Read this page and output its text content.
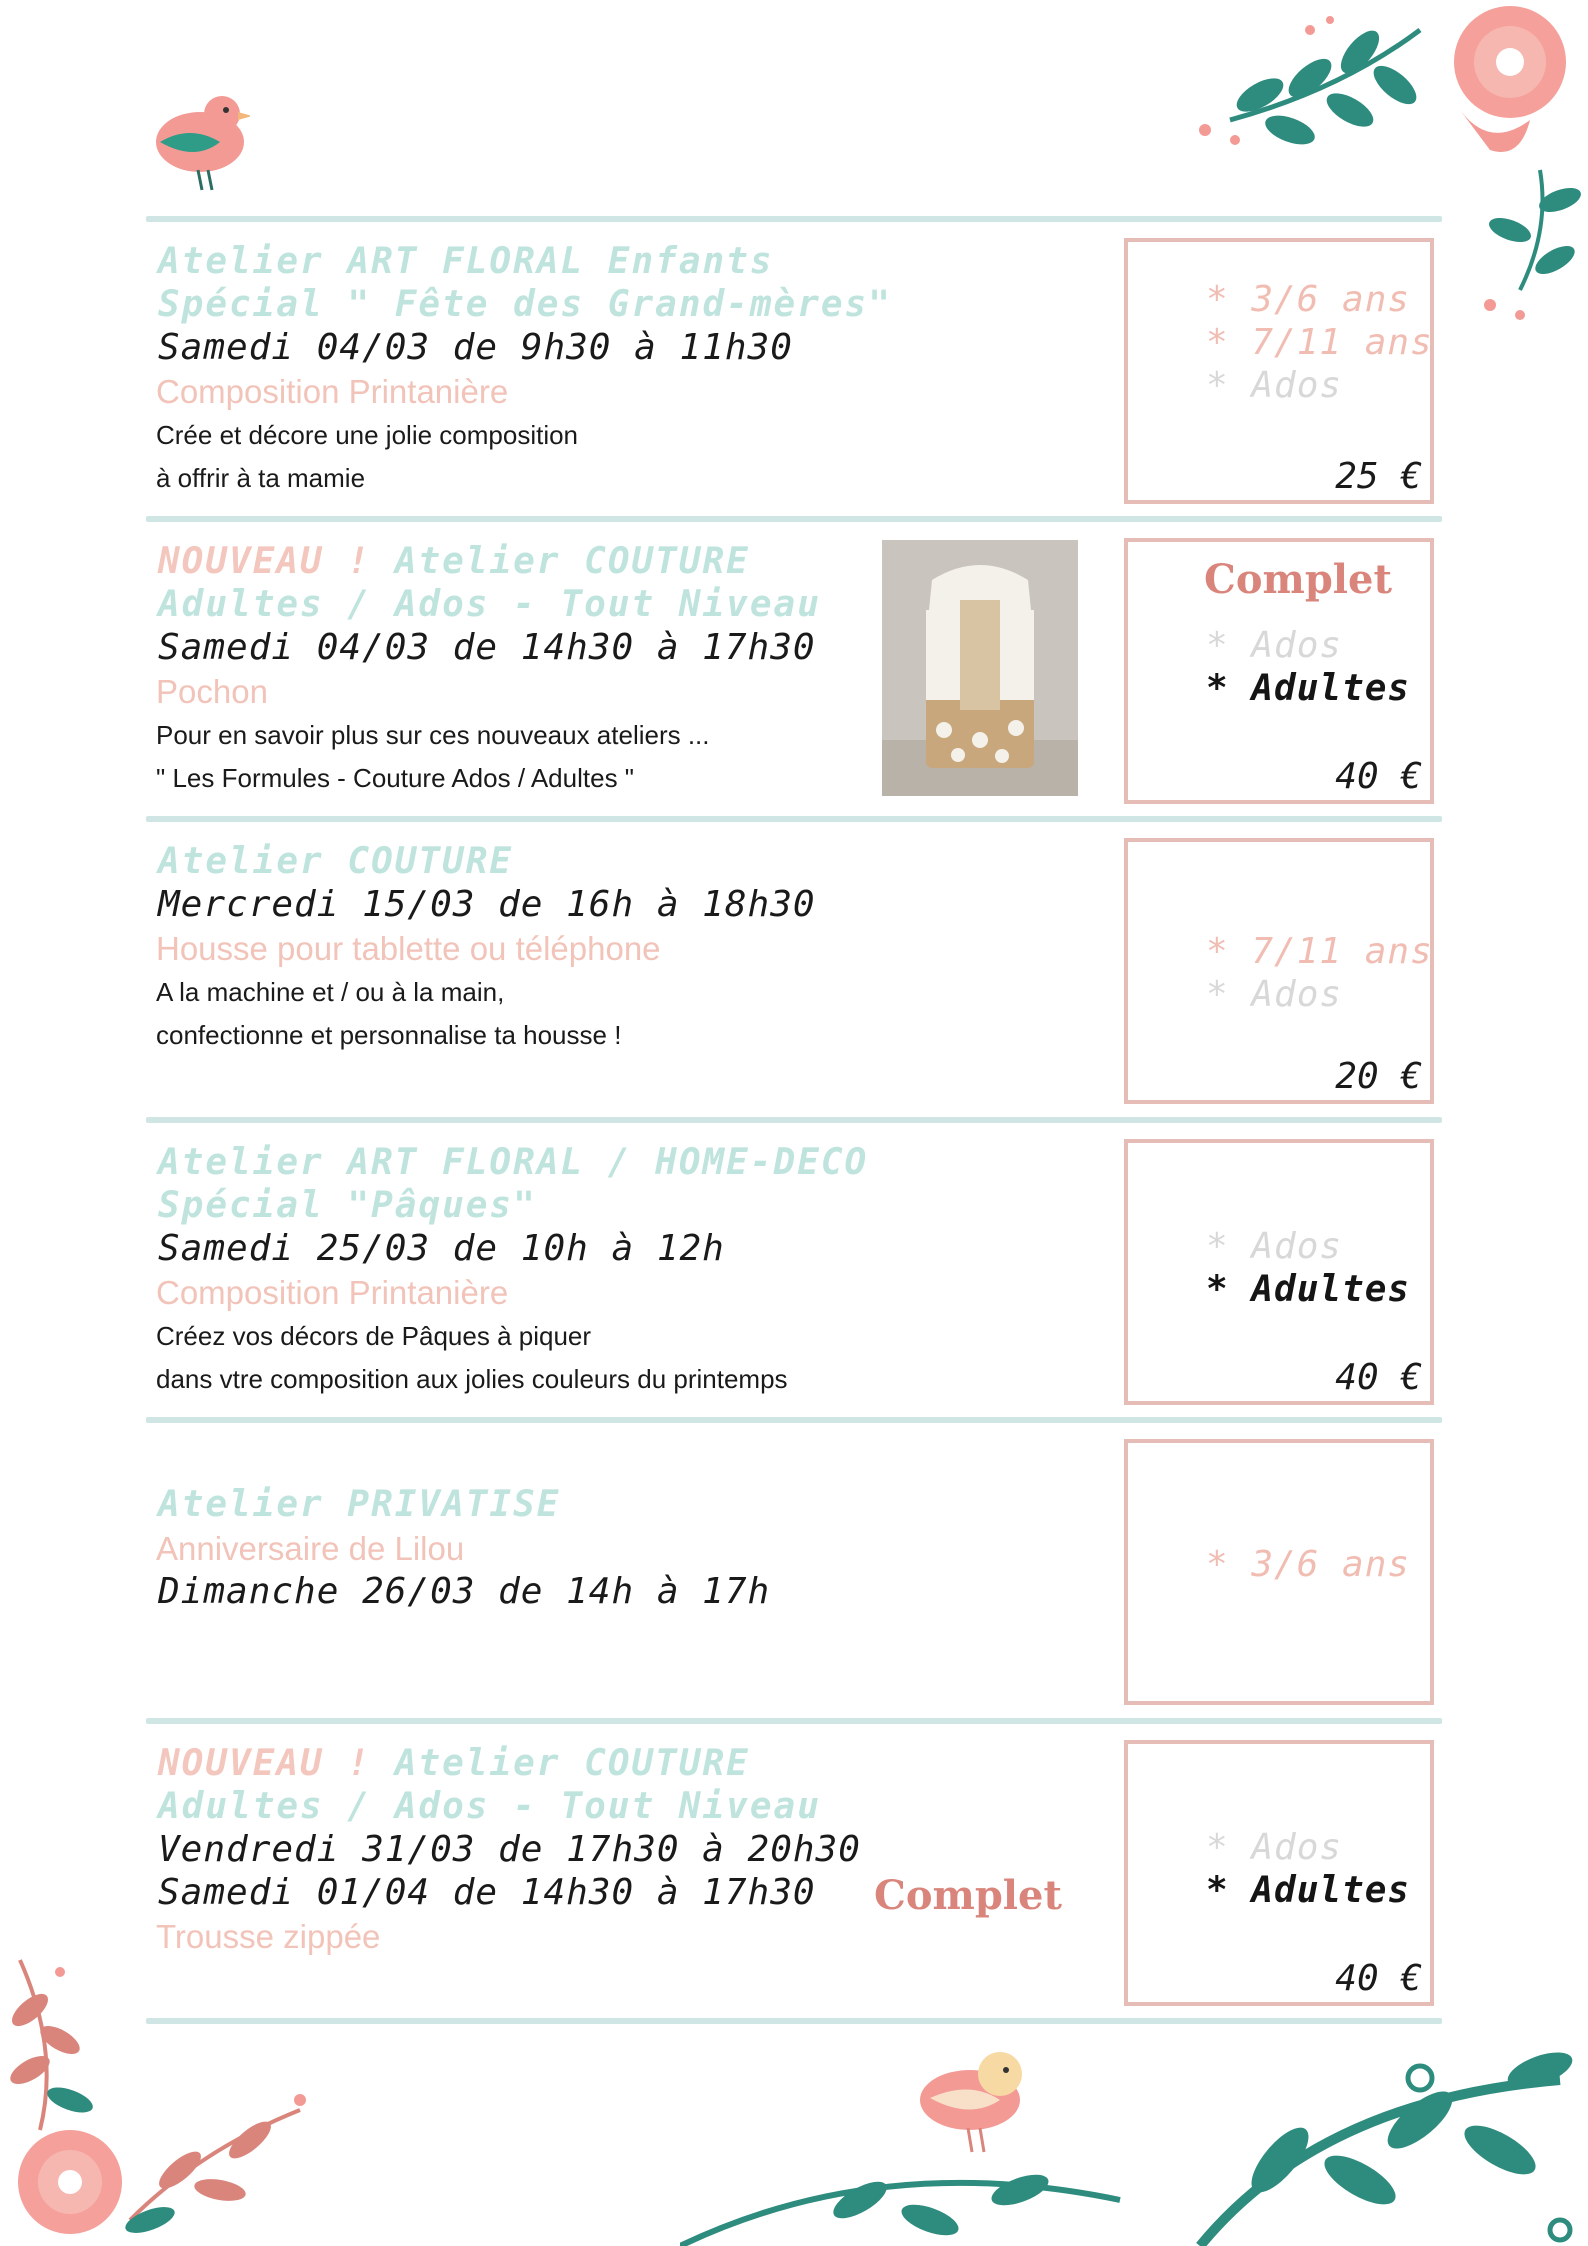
Atelier ART FLORAL Enfants
Spécial " Fête des Grand-mères"
Samedi 04/03 de 9h30 à 11h30
Composition Printanière
Crée et décore une jolie composition
à offrir à ta mamie
* 3/6 ans
* 7/11 ans
* Ados
25 €
NOUVEAU ! Atelier COUTURE
Adultes / Ados - Tout Niveau
Samedi 04/03 de 14h30 à 17h30
Pochon
Pour en savoir plus sur ces nouveaux ateliers ...
" Les Formules - Couture Ados / Adultes "
Complet
* Ados
* Adultes
40 €
Atelier COUTURE
Mercredi 15/03 de 16h à 18h30
Housse pour tablette ou téléphone
A la machine et / ou à la main,
confectionne et personnalise ta housse !
* 7/11 ans
* Ados
20 €
Atelier ART FLORAL / HOME-DECO
Spécial "Pâques"
Samedi 25/03 de 10h à 12h
Composition Printanière
Créez vos décors de Pâques à piquer
dans vtre composition aux jolies couleurs du printemps
* Ados
* Adultes
40 €
Atelier PRIVATISE
Anniversaire de Lilou
Dimanche 26/03 de 14h à 17h
* 3/6 ans
NOUVEAU ! Atelier COUTURE
Adultes / Ados - Tout Niveau
Vendredi 31/03 de 17h30 à 20h30
Samedi 01/04 de 14h30 à 17h30 Complet
Trousse zippée
* Ados
* Adultes
40 €
